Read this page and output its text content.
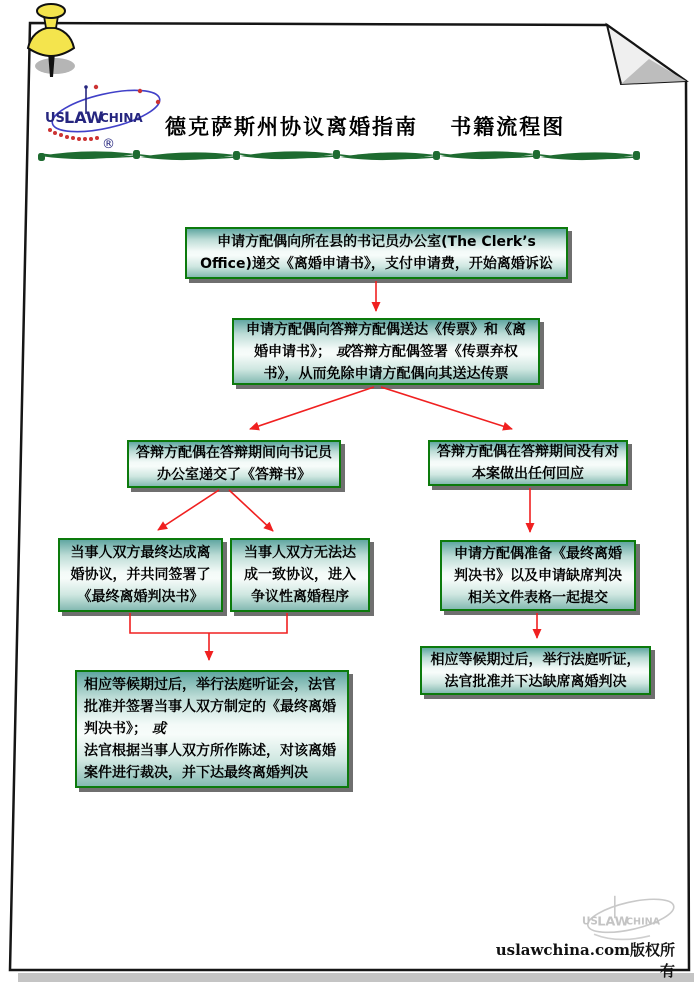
US LAW
CHINA
®
德克萨斯州协议离婚指南　 书籍流程图
申请方配偶向所在县的书记员办公室(The Clerk’s Office)递交《离婚申请书》，支付申请费，开始离婚诉讼
申请方配偶向答辩方配偶送达《传票》和《离婚申请书》； 或答辩方配偶签署《传票弃权书》，从而免除申请方配偶向其送达传票
答辩方配偶在答辩期间向书记员办公室递交了《答辩书》
答辩方配偶在答辩期间没有对本案做出任何回应
当事人双方最终达成离婚协议，并共同签署了《最终离婚判决书》
当事人双方无法达成一致协议，进入争议性离婚程序
申请方配偶准备《最终离婚判决书》以及申请缺席判决相关文件表格一起提交
相应等候期过后，举行法庭听证会，法官批准并签署当事人双方制定的《最终离婚判决书》； 或
法官根据当事人双方所作陈述，对该离婚案件进行裁决，并下达最终离婚判决
相应等候期过后，举行法庭听证，法官批准并下达缺席离婚判决
US LAW
CHINA
uslawchina.com版权所有
